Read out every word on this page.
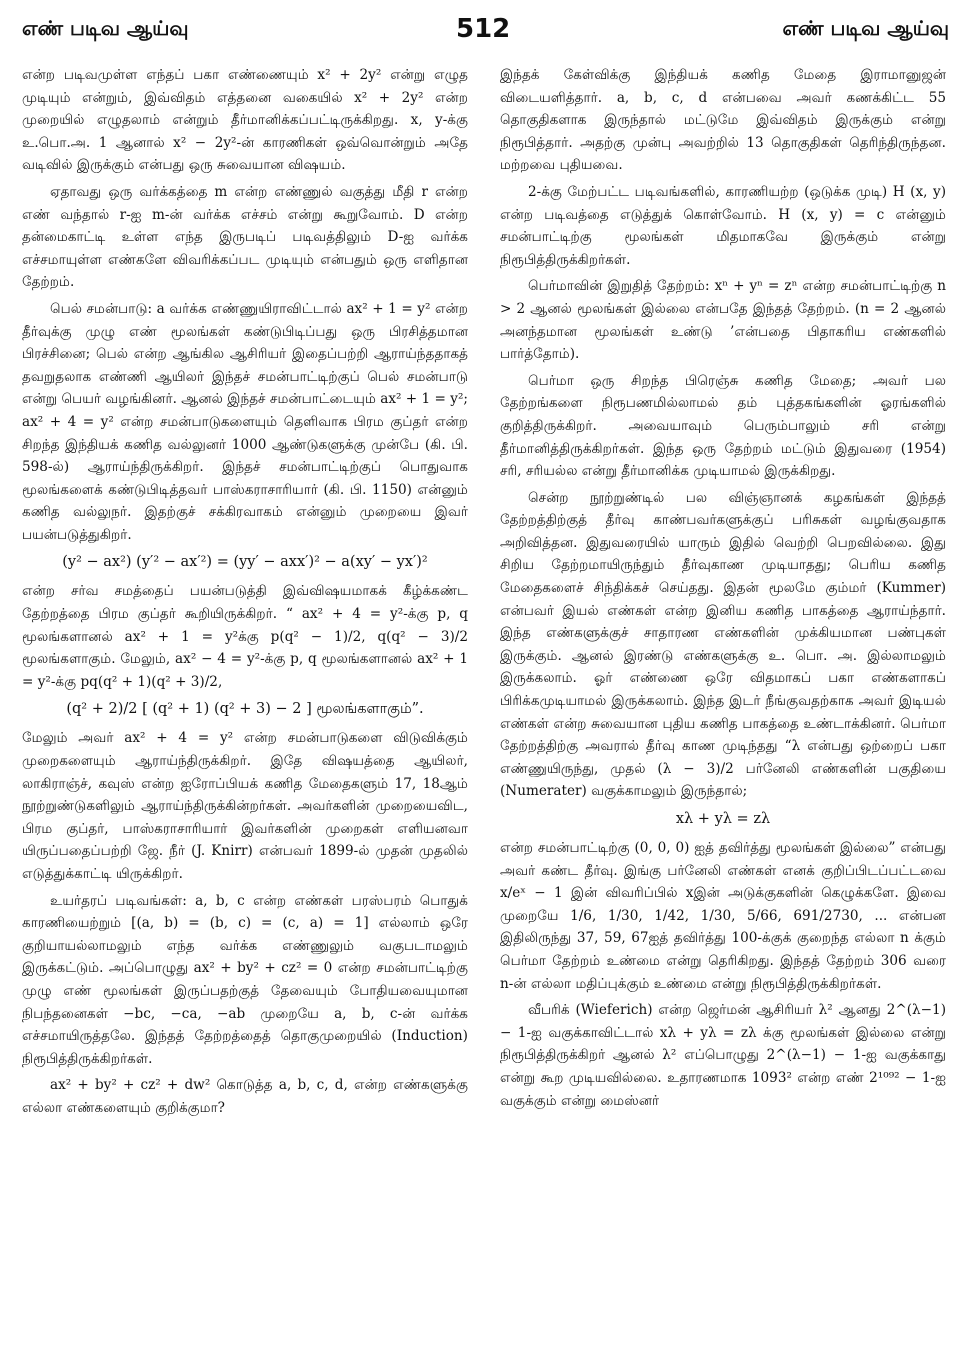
எண் படிவ ஆய்வு	512	எண் படிவ ஆய்வு

என்ற படிவமுள்ள எந்தப் பகா எண்ணையும் x² + 2y² என்று எழுத முடியும் என்றும், இவ்விதம் எத்தனை வகையில் x² + 2y² என்ற முறையில் எழுதலாம் என்றும் தீர்மானிக்கப்பட்டிருக்கிறது. x, y-க்கு உ.பொ.அ. 1 ஆனால் x² − 2y²-ன் காரணிகள் ஒவ்வொன்றும் அதே வடிவில் இருக்கும் என்பது ஒரு சுவையான விஷயம்.

ஏதாவது ஒரு வர்க்கத்தை m என்ற எண்ணுல் வகுத்து மீதி r என்ற எண் வந்தால் r-ஐ m-ன் வர்க்க எச்சம் என்று கூறுவோம். D என்ற தன்மைகாட்டி உள்ள எந்த இருபடிப் படிவத்திலும் D-ஐ வர்க்க எச்சமாயுள்ள எண்களே விவரிக்கப்பட முடியும் என்பதும் ஒரு எளிதான தேற்றம்.

பெல் சமன்பாடு: a வர்க்க எண்ணுயிராவிட்டால் ax² + 1 = y² என்ற தீர்வுக்கு முழு எண் மூலங்கள் கண்டுபிடிப்பது ஒரு பிரசித்தமான பிரச்சினை; பெல் என்ற ஆங்கில ஆசிரியர் இதைப்பற்றி ஆராய்ந்ததாகத் தவறுதலாக எண்ணி ஆயிலர் இந்தச் சமன்பாட்டிற்குப் பெல் சமன்பாடு என்று பெயர் வழங்கினர். ஆனல் இந்தச் சமன்பாட்டையும் ax² + 1 = y²; ax² + 4 = y² என்ற சமன்பாடுகளையும் தெளிவாக பிரம குப்தர் என்ற சிறந்த இந்தியக் கணித வல்லுனர் 1000 ஆண்டுகளுக்கு முன்பே (கி. பி. 598-ல்) ஆராய்ந்திருக்கிறர். இந்தச் சமன்பாட்டிற்குப் பொதுவாக மூலங்களைக் கண்டுபிடித்தவர் பாஸ்கராசாரியார் (கி. பி. 1150) என்னும் கணித வல்லுநர். இதற்குச் சக்கிரவாகம் என்னும் முறையை இவர் பயன்படுத்துகிறர்.

(y² − ax²) (y′² − ax′²) = (yy′ − axx′)² − a(xy′ − yx′)²

என்ற சர்வ சமத்தைப் பயன்படுத்தி இவ்விஷயமாகக் கீழ்க்கண்ட தேற்றத்தை பிரம குப்தர் கூறியிருக்கிறர். “ ax² + 4 = y²-க்கு p, q மூலங்களானல் ax² + 1 = y²க்கு p(q² − 1)/2, q(q² − 3)/2 மூலங்களாகும். மேலும், ax² − 4 = y²-க்கு p, q மூலங்களானல் ax² + 1 = y²-க்கு pq(q² + 1)(q² + 3)/2,

(q² + 2)/2 [ (q² + 1) (q² + 3) − 2 ] மூலங்களாகும்”.

மேலும் அவர் ax² + 4 = y² என்ற சமன்பாடுகளை விடுவிக்கும் முறைகளையும் ஆராய்ந்திருக்கிறர். இதே விஷயத்தை ஆயிலர், லாகிராஞ்ச், கவுஸ் என்ற ஐரோப்பியக் கணித மேதைகளும் 17, 18ஆம் நூற்றுண்டுகளிலும் ஆராய்ந்திருக்கின்றர்கள். அவர்களின் முறையைவிட, பிரம குப்தர், பாஸ்கராசாரியார் இவர்களின் முறைகள் எளியனவா யிருப்பதைப்பற்றி ஜே. நீர் (J. Knirr) என்பவர் 1899-ல் முதன் முதலில் எடுத்துக்காட்டி யிருக்கிறர்.

உயர்தரப் படிவங்கள்: a, b, c என்ற எண்கள் பரஸ்பரம் பொதுக் காரணியைற்றும் [(a, b) = (b, c) = (c, a) = 1] எல்லாம் ஒரே குறியாயல்லாமலும் எந்த வர்க்க எண்ணுலும் வகுபடாமலும் இருக்கட்டும். அப்பொழுது ax² + by² + cz² = 0 என்ற சமன்பாட்டிற்கு முழு எண் மூலங்கள் இருப்பதற்குத் தேவையும் போதியவையுமான நிபந்தனைகள் −bc, −ca, −ab முறையே a, b, c-ன் வர்க்க எச்சமாயிருத்தலே. இந்தத் தேற்றத்தைத் தொகுமுறையில் (Induction) நிரூபித்திருக்கிறர்கள்.

ax² + by² + cz² + dw² கொடுத்த a, b, c, d, என்ற எண்களுக்கு எல்லா எண்களையும் குறிக்குமா?

இந்தக் கேள்விக்கு இந்தியக் கணித மேதை இராமானுஜன் விடையளித்தார். a, b, c, d என்பவை அவர் கணக்கிட்ட 55 தொகுதிகளாக இருந்தால் மட்டுமே இவ்விதம் இருக்கும் என்று நிரூபித்தார். அதற்கு முன்பு அவற்றில் 13 தொகுதிகள் தெரிந்திருந்தன. மற்றவை புதியவை.

2-க்கு மேற்பட்ட படிவங்களில், காரணியற்ற (ஒடுக்க முடி) H (x, y) என்ற படிவத்தை எடுத்துக் கொள்வோம். H (x, y) = c என்னும் சமன்பாட்டிற்கு மூலங்கள் மிதமாகவே இருக்கும் என்று நிரூபித்திருக்கிறர்கள்.

பெர்மாவின் இறுதித் தேற்றம்: xⁿ + yⁿ = zⁿ என்ற சமன்பாட்டிற்கு n > 2 ஆனல் மூலங்கள் இல்லை என்பதே இந்தத் தேற்றம். (n = 2 ஆனல் அனந்தமான மூலங்கள் உண்டு ’என்பதை பிதாகரிய எண்களில் பார்த்தோம்).

பெர்மா ஒரு சிறந்த பிரெஞ்சு கணித மேதை; அவர் பல தேற்றங்களை நிரூபணமில்லாமல் தம் புத்தகங்களின் ஓரங்களில் குறித்திருக்கிறர். அவையாவும் பெரும்பாலும் சரி என்று தீர்மானித்திருக்கிறர்கள். இந்த ஒரு தேற்றம் மட்டும் இதுவரை (1954) சரி, சரியல்ல என்று தீர்மானிக்க முடியாமல் இருக்கிறது.

சென்ற நூற்றுண்டில் பல விஞ்ஞானக் கழகங்கள் இந்தத் தேற்றத்திற்குத் தீர்வு காண்பவர்களுக்குப் பரிசுகள் வழங்குவதாக அறிவித்தன. இதுவரையில் யாரும் இதில் வெற்றி பெறவில்லை. இது சிறிய தேற்றமாயிருந்தும் தீர்வுகாண முடியாதது; பெரிய கணித மேதைகளைச் சிந்திக்கச் செய்தது. இதன் மூலமே கும்மர் (Kummer) என்பவர் இயல் எண்கள் என்ற இனிய கணித பாகத்தை ஆராய்ந்தார். இந்த எண்களுக்குச் சாதாரண எண்களின் முக்கியமான பண்புகள் இருக்கும். ஆனல் இரண்டு எண்களுக்கு உ. பொ. அ. இல்லாமலும் இருக்கலாம். ஓர் எண்ணை ஒரே விதமாகப் பகா எண்களாகப் பிரிக்கமுடியாமல் இருக்கலாம். இந்த இடர் நீங்குவதற்காக அவர் இடியல் எண்கள் என்ற சுவையான புதிய கணித பாகத்தை உண்டாக்கினர். பெர்மா தேற்றத்திற்கு அவரால் தீர்வு காண முடிந்தது “λ என்பது ஒற்றைப் பகா எண்ணுயிருந்து, முதல் (λ − 3)/2 பர்னேலி எண்களின் பகுதியை (Numerater) வகுக்காமலும் இருந்தால்;

xλ + yλ = zλ

என்ற சமன்பாட்டிற்கு (0, 0, 0) ஐத் தவிர்த்து மூலங்கள் இல்லை” என்பது அவர் கண்ட தீர்வு. இங்கு பர்னேலி எண்கள் எனக் குறிப்பிடப்பட்டவை x/eˣ − 1 இன் விவரிப்பில் xஇன் அடுக்குகளின் கெழுக்களே. இவை முறையே 1/6, 1/30, 1/42, 1/30, 5/66, 691/2730, ... என்பன இதிலிருந்து 37, 59, 67ஐத் தவிர்த்து 100-க்குக் குறைந்த எல்லா n க்கும் பெர்மா தேற்றம் உண்மை என்று தெரிகிறது. இந்தத் தேற்றம் 306 வரை n-ன் எல்லா மதிப்புக்கும் உண்மை என்று நிரூபித்திருக்கிறர்கள்.

வீபரிக் (Wieferich) என்ற ஜெர்மன் ஆசிரியர் λ² ஆனது 2^(λ−1) − 1-ஐ வகுக்காவிட்டால் xλ + yλ = zλ க்கு மூலங்கள் இல்லை என்று நிரூபித்திருக்கிறர் ஆனல் λ² எப்பொழுது 2^(λ−1) − 1-ஐ வகுக்காது என்று கூற முடியவில்லை. உதாரணமாக 1093² என்ற எண் 2¹⁰⁹² − 1-ஐ வகுக்கும் என்று மைஸ்னர்
